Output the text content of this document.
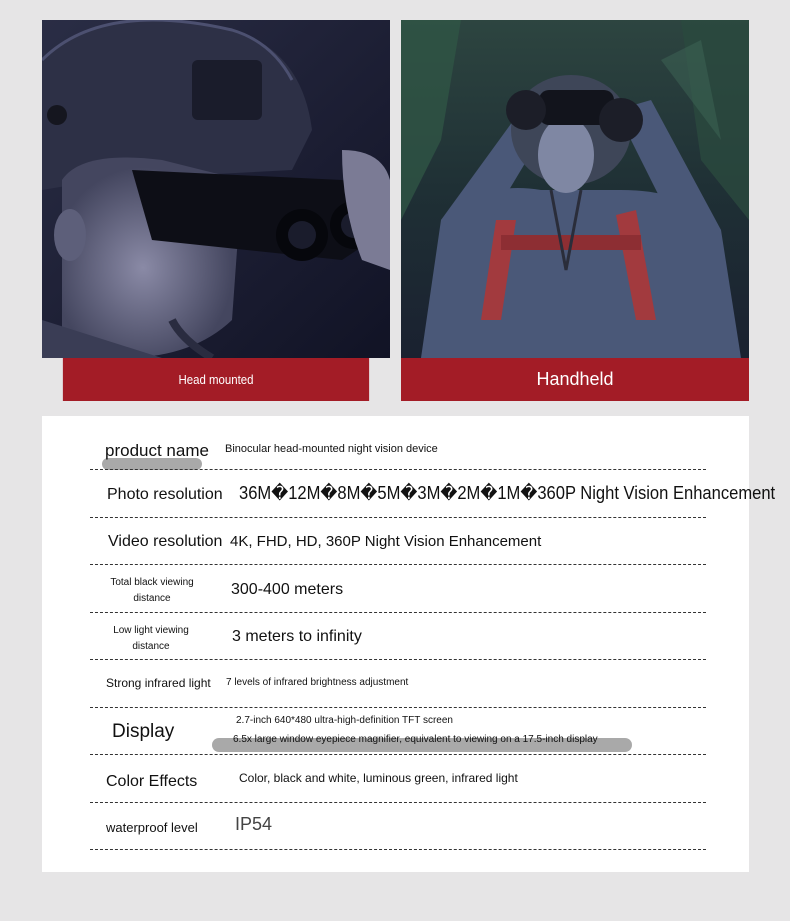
Head mounted	Handheld
product name Binocular head-mounted night vision device
Photo resolution 36M�12M�8M�5M�3M�2M�1M�360P Night Vision Enhancement
Video resolution 4K, FHD, HD, 360P Night Vision Enhancement
Total black viewing
distance
300-400 meters
Low light viewing
distance
3 meters to infinity
Strong infrared light 7 levels of infrared brightness adjustment
Display
2.7-inch 640*480 ultra-high-definition TFT screen
6.5x large window eyepiece magnifier, equivalent to viewing on a 17.5-inch display
Color Effects	Color, black and white, luminous green, infrared light
waterproof level IP54
